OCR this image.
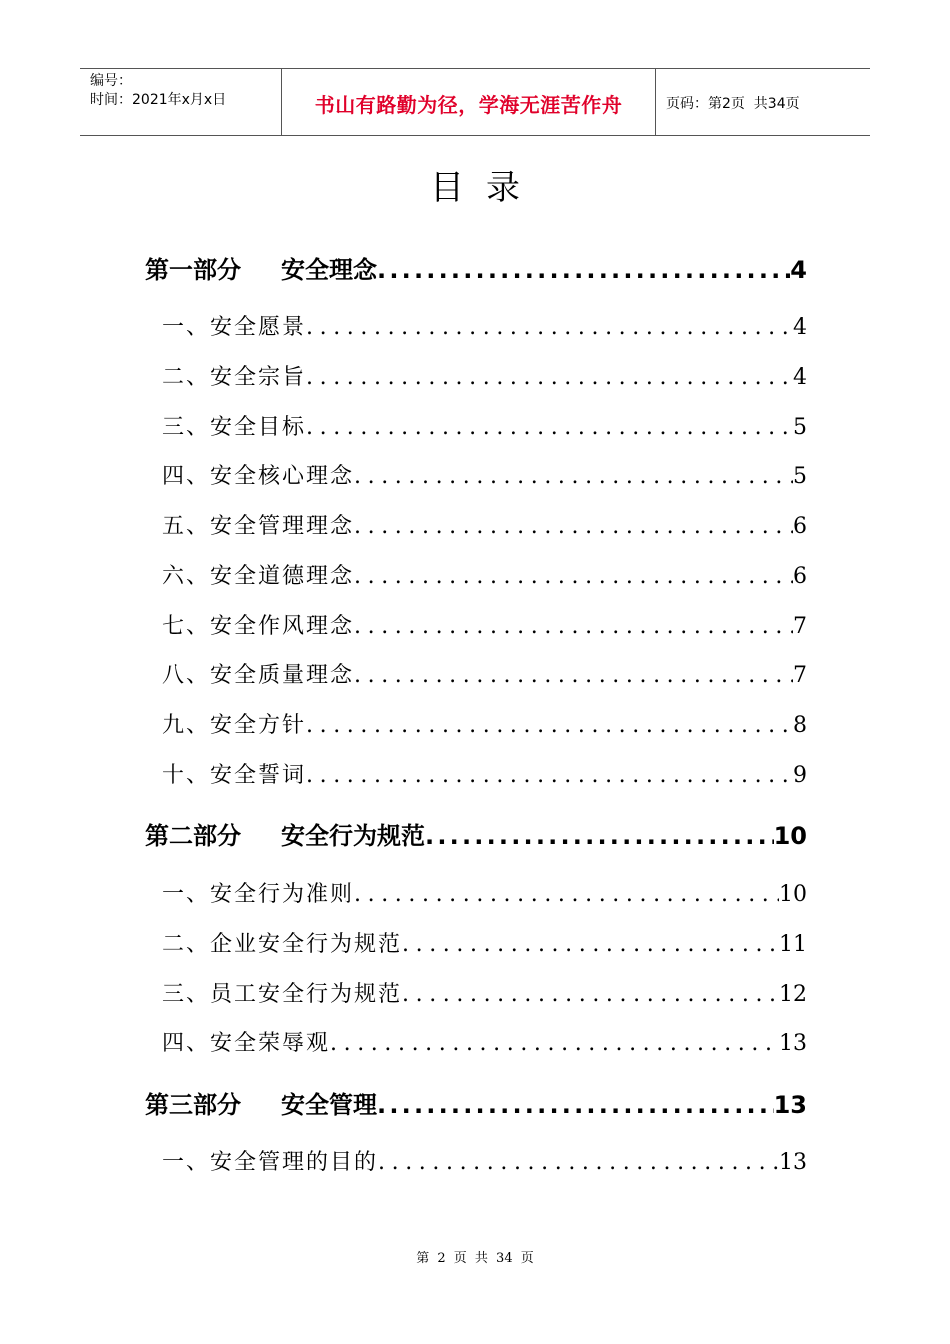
编号：
时间：2021年x月x日	书山有路勤为径，学海无涯苦作舟	页码：第2页  共34页
目录
第一部分 安全理念 .....	4
一、安全愿景 .....	4
二、安全宗旨 .....	4
三、安全目标 .....	5
四、安全核心理念 .....	5
五、安全管理理念 .....	6
六、安全道德理念 .....	6
七、安全作风理念 .....	7
八、安全质量理念 .....	7
九、安全方针 .....	8
十、安全誓词 .....	9
第二部分 安全行为规范 .....	10
一、安全行为准则 .....	10
二、企业安全行为规范 .....	11
三、员工安全行为规范 .....	12
四、安全荣辱观 .....	13
第三部分 安全管理 .....	13
一、安全管理的目的 .....	13
第 2 页 共 34 页
